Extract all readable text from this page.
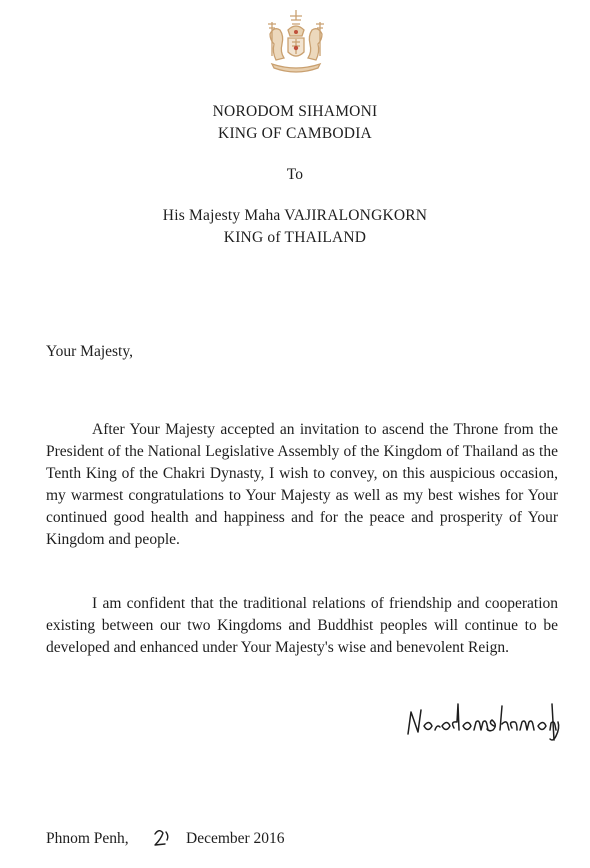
NORODOM SIHAMONI
KING OF CAMBODIA
To
His Majesty Maha VAJIRALONGKORN
KING of THAILAND
Your Majesty,

After Your Majesty accepted an invitation to ascend the Throne from the President of the National Legislative Assembly of the Kingdom of Thailand as the Tenth King of the Chakri Dynasty, I wish to convey, on this auspicious occasion, my warmest congratulations to Your Majesty as well as my best wishes for Your continued good health and happiness and for the peace and prosperity of Your Kingdom and people.

I am confident that the traditional relations of friendship and cooperation existing between our two Kingdoms and Buddhist peoples will continue to be developed and enhanced under Your Majesty's wise and benevolent Reign.

Phnom Penh,	December 2016
